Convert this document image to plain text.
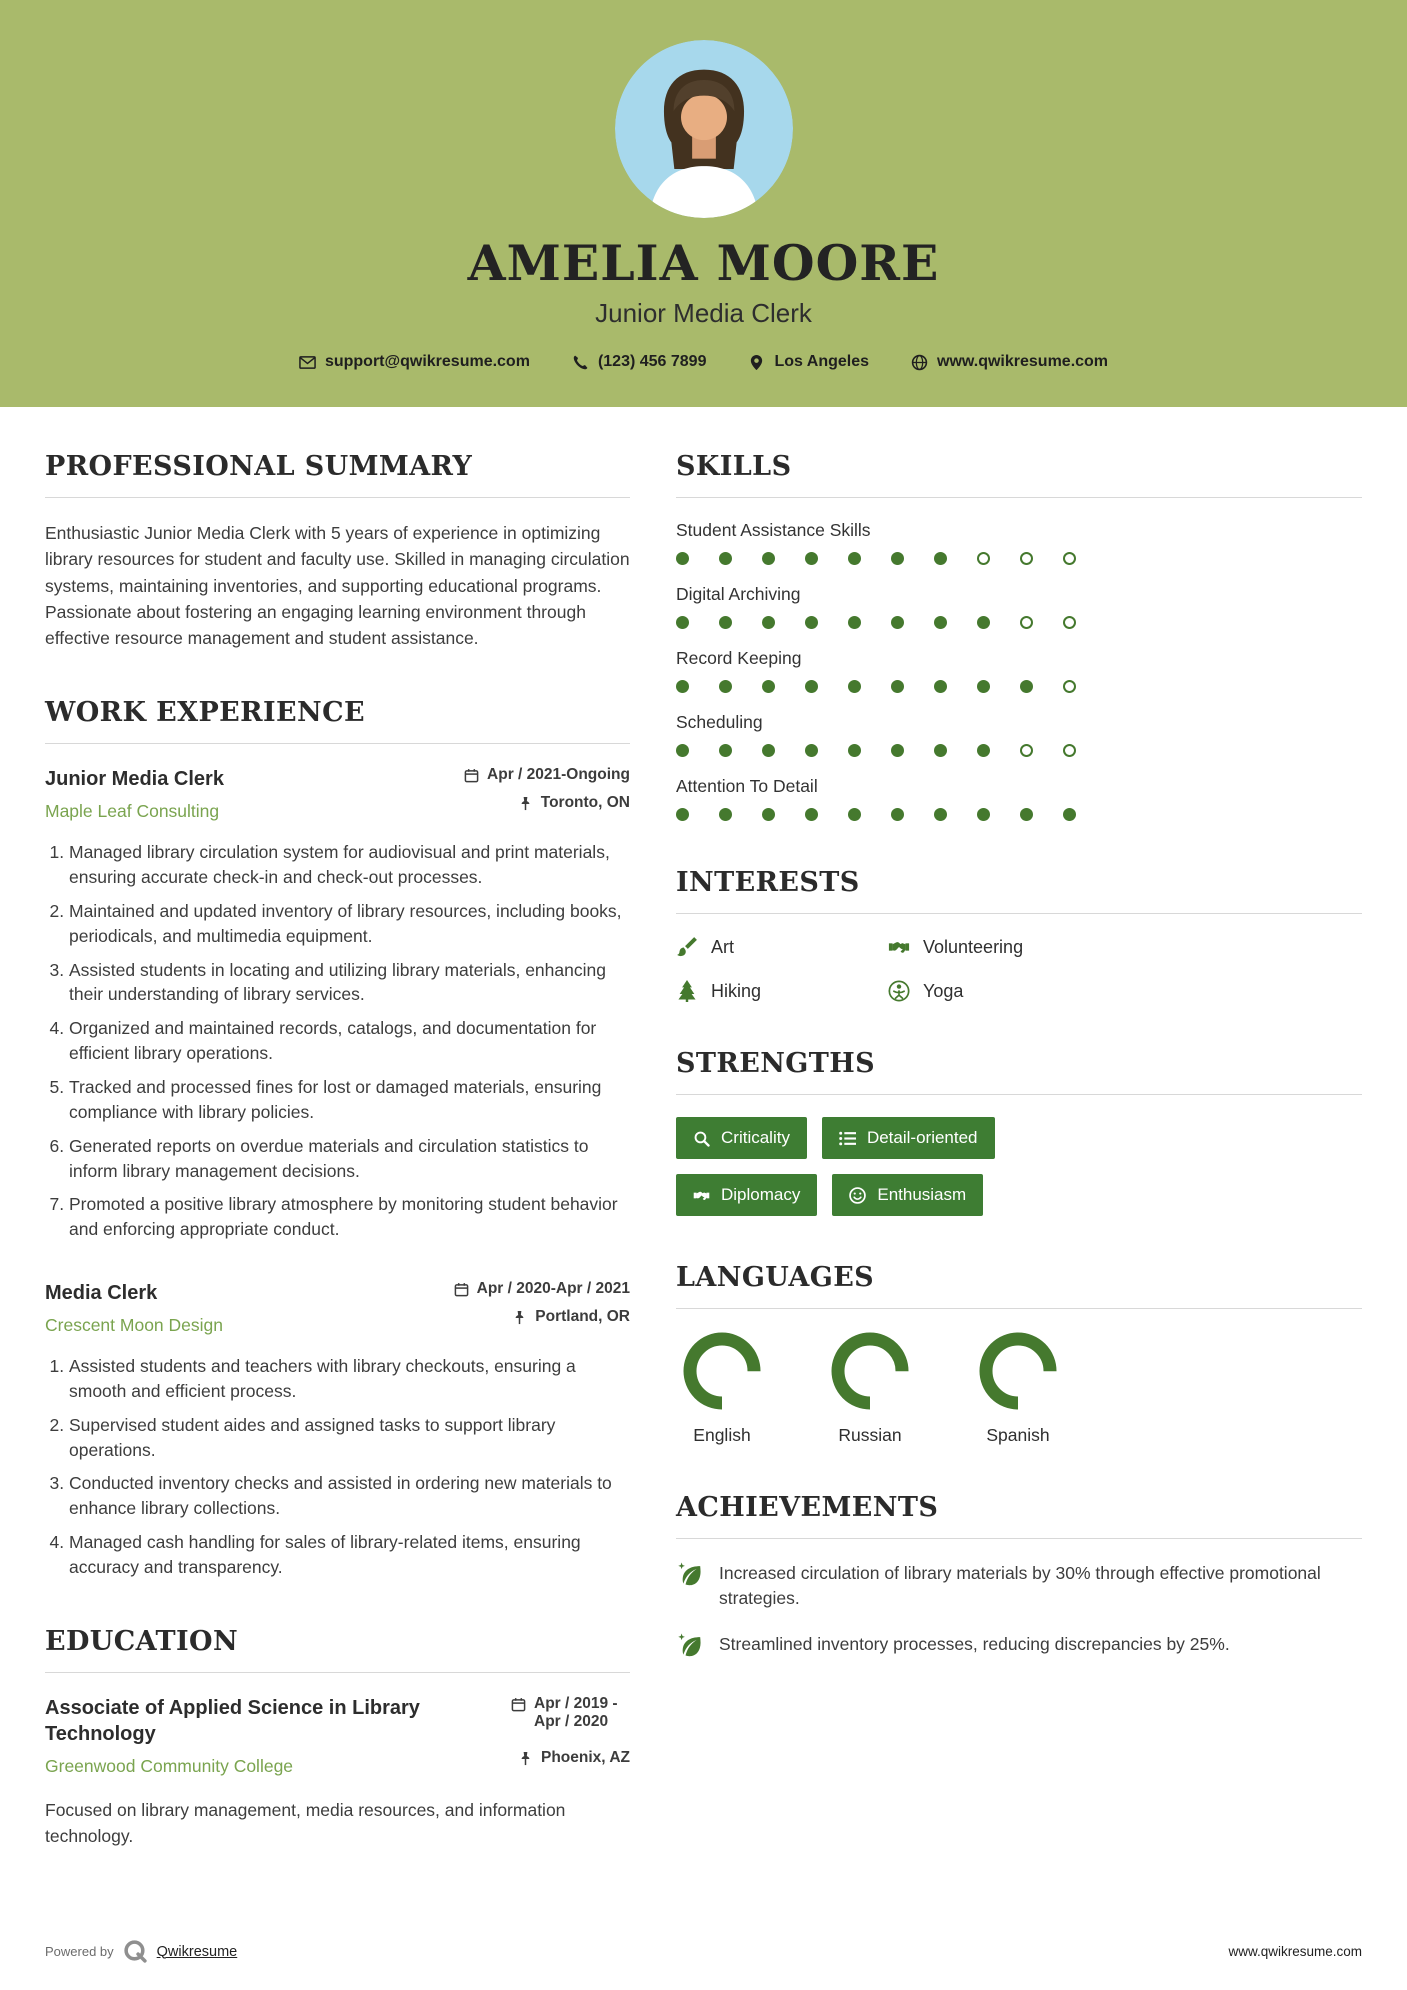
AMELIA MOORE
Junior Media Clerk
support@qwikresume.com	(123) 456 7899	Los Angeles	www.qwikresume.com
PROFESSIONAL SUMMARY

Enthusiastic Junior Media Clerk with 5 years of experience in optimizing library resources for student and faculty use. Skilled in managing circulation systems, maintaining inventories, and supporting educational programs. Passionate about fostering an engaging learning environment through effective resource management and student assistance.

WORK EXPERIENCE
Junior Media Clerk	Apr / 2021-Ongoing
Maple Leaf Consulting	Toronto, ON
1. Managed library circulation system for audiovisual and print materials, ensuring accurate check-in and check-out processes.
2. Maintained and updated inventory of library resources, including books, periodicals, and multimedia equipment.
3. Assisted students in locating and utilizing library materials, enhancing their understanding of library services.
4. Organized and maintained records, catalogs, and documentation for efficient library operations.
5. Tracked and processed fines for lost or damaged materials, ensuring compliance with library policies.
6. Generated reports on overdue materials and circulation statistics to inform library management decisions.
7. Promoted a positive library atmosphere by monitoring student behavior and enforcing appropriate conduct.
Media Clerk	Apr / 2020-Apr / 2021
Crescent Moon Design	Portland, OR
1. Assisted students and teachers with library checkouts, ensuring a smooth and efficient process.
2. Supervised student aides and assigned tasks to support library operations.
3. Conducted inventory checks and assisted in ordering new materials to enhance library collections.
4. Managed cash handling for sales of library-related items, ensuring accuracy and transparency.
EDUCATION
Associate of Applied Science in Library Technology
Apr / 2019 - Apr / 2020
Greenwood Community College	Phoenix, AZ

Focused on library management, media resources, and information technology.

SKILLS
Student Assistance Skills
Digital Archiving
Record Keeping
Scheduling
Attention To Detail
INTERESTS
Art	Volunteering
Hiking	Yoga
STRENGTHS
Criticality	Detail-oriented
Diplomacy	Enthusiasm
LANGUAGES
English	Russian	Spanish
ACHIEVEMENTS
Increased circulation of library materials by 30% through effective promotional strategies.
Streamlined inventory processes, reducing discrepancies by 25%.
Powered by	Qwikresume	www.qwikresume.com
